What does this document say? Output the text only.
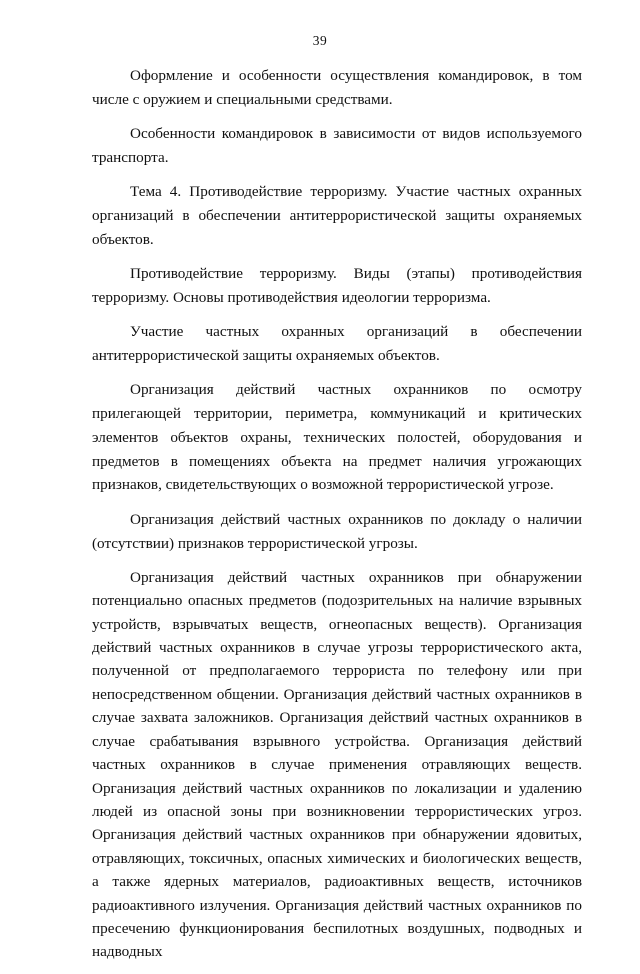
39

Оформление и особенности осуществления командировок, в том числе с оружием и специальными средствами.

Особенности командировок в зависимости от видов используемого транспорта.

Тема 4. Противодействие терроризму. Участие частных охранных организаций в обеспечении антитеррористической защиты охраняемых объектов.

Противодействие терроризму. Виды (этапы) противодействия терроризму. Основы противодействия идеологии терроризма.

Участие частных охранных организаций в обеспечении антитеррористической защиты охраняемых объектов.

Организация действий частных охранников по осмотру прилегающей территории, периметра, коммуникаций и критических элементов объектов охраны, технических полостей, оборудования и предметов в помещениях объекта на предмет наличия угрожающих признаков, свидетельствующих о возможной террористической угрозе.

Организация действий частных охранников по докладу о наличии (отсутствии) признаков террористической угрозы.

Организация действий частных охранников при обнаружении потенциально опасных предметов (подозрительных на наличие взрывных устройств, взрывчатых веществ, огнеопасных веществ). Организация действий частных охранников в случае угрозы террористического акта, полученной от предполагаемого террориста по телефону или при непосредственном общении. Организация действий частных охранников в случае захвата заложников. Организация действий частных охранников в случае срабатывания взрывного устройства. Организация действий частных охранников в случае применения отравляющих веществ. Организация действий частных охранников по локализации и удалению людей из опасной зоны при возникновении террористических угроз. Организация действий частных охранников при обнаружении ядовитых, отравляющих, токсичных, опасных химических и биологических веществ, а также ядерных материалов, радиоактивных веществ, источников радиоактивного излучения. Организация действий частных охранников по пресечению функционирования беспилотных воздушных, подводных и надводных
